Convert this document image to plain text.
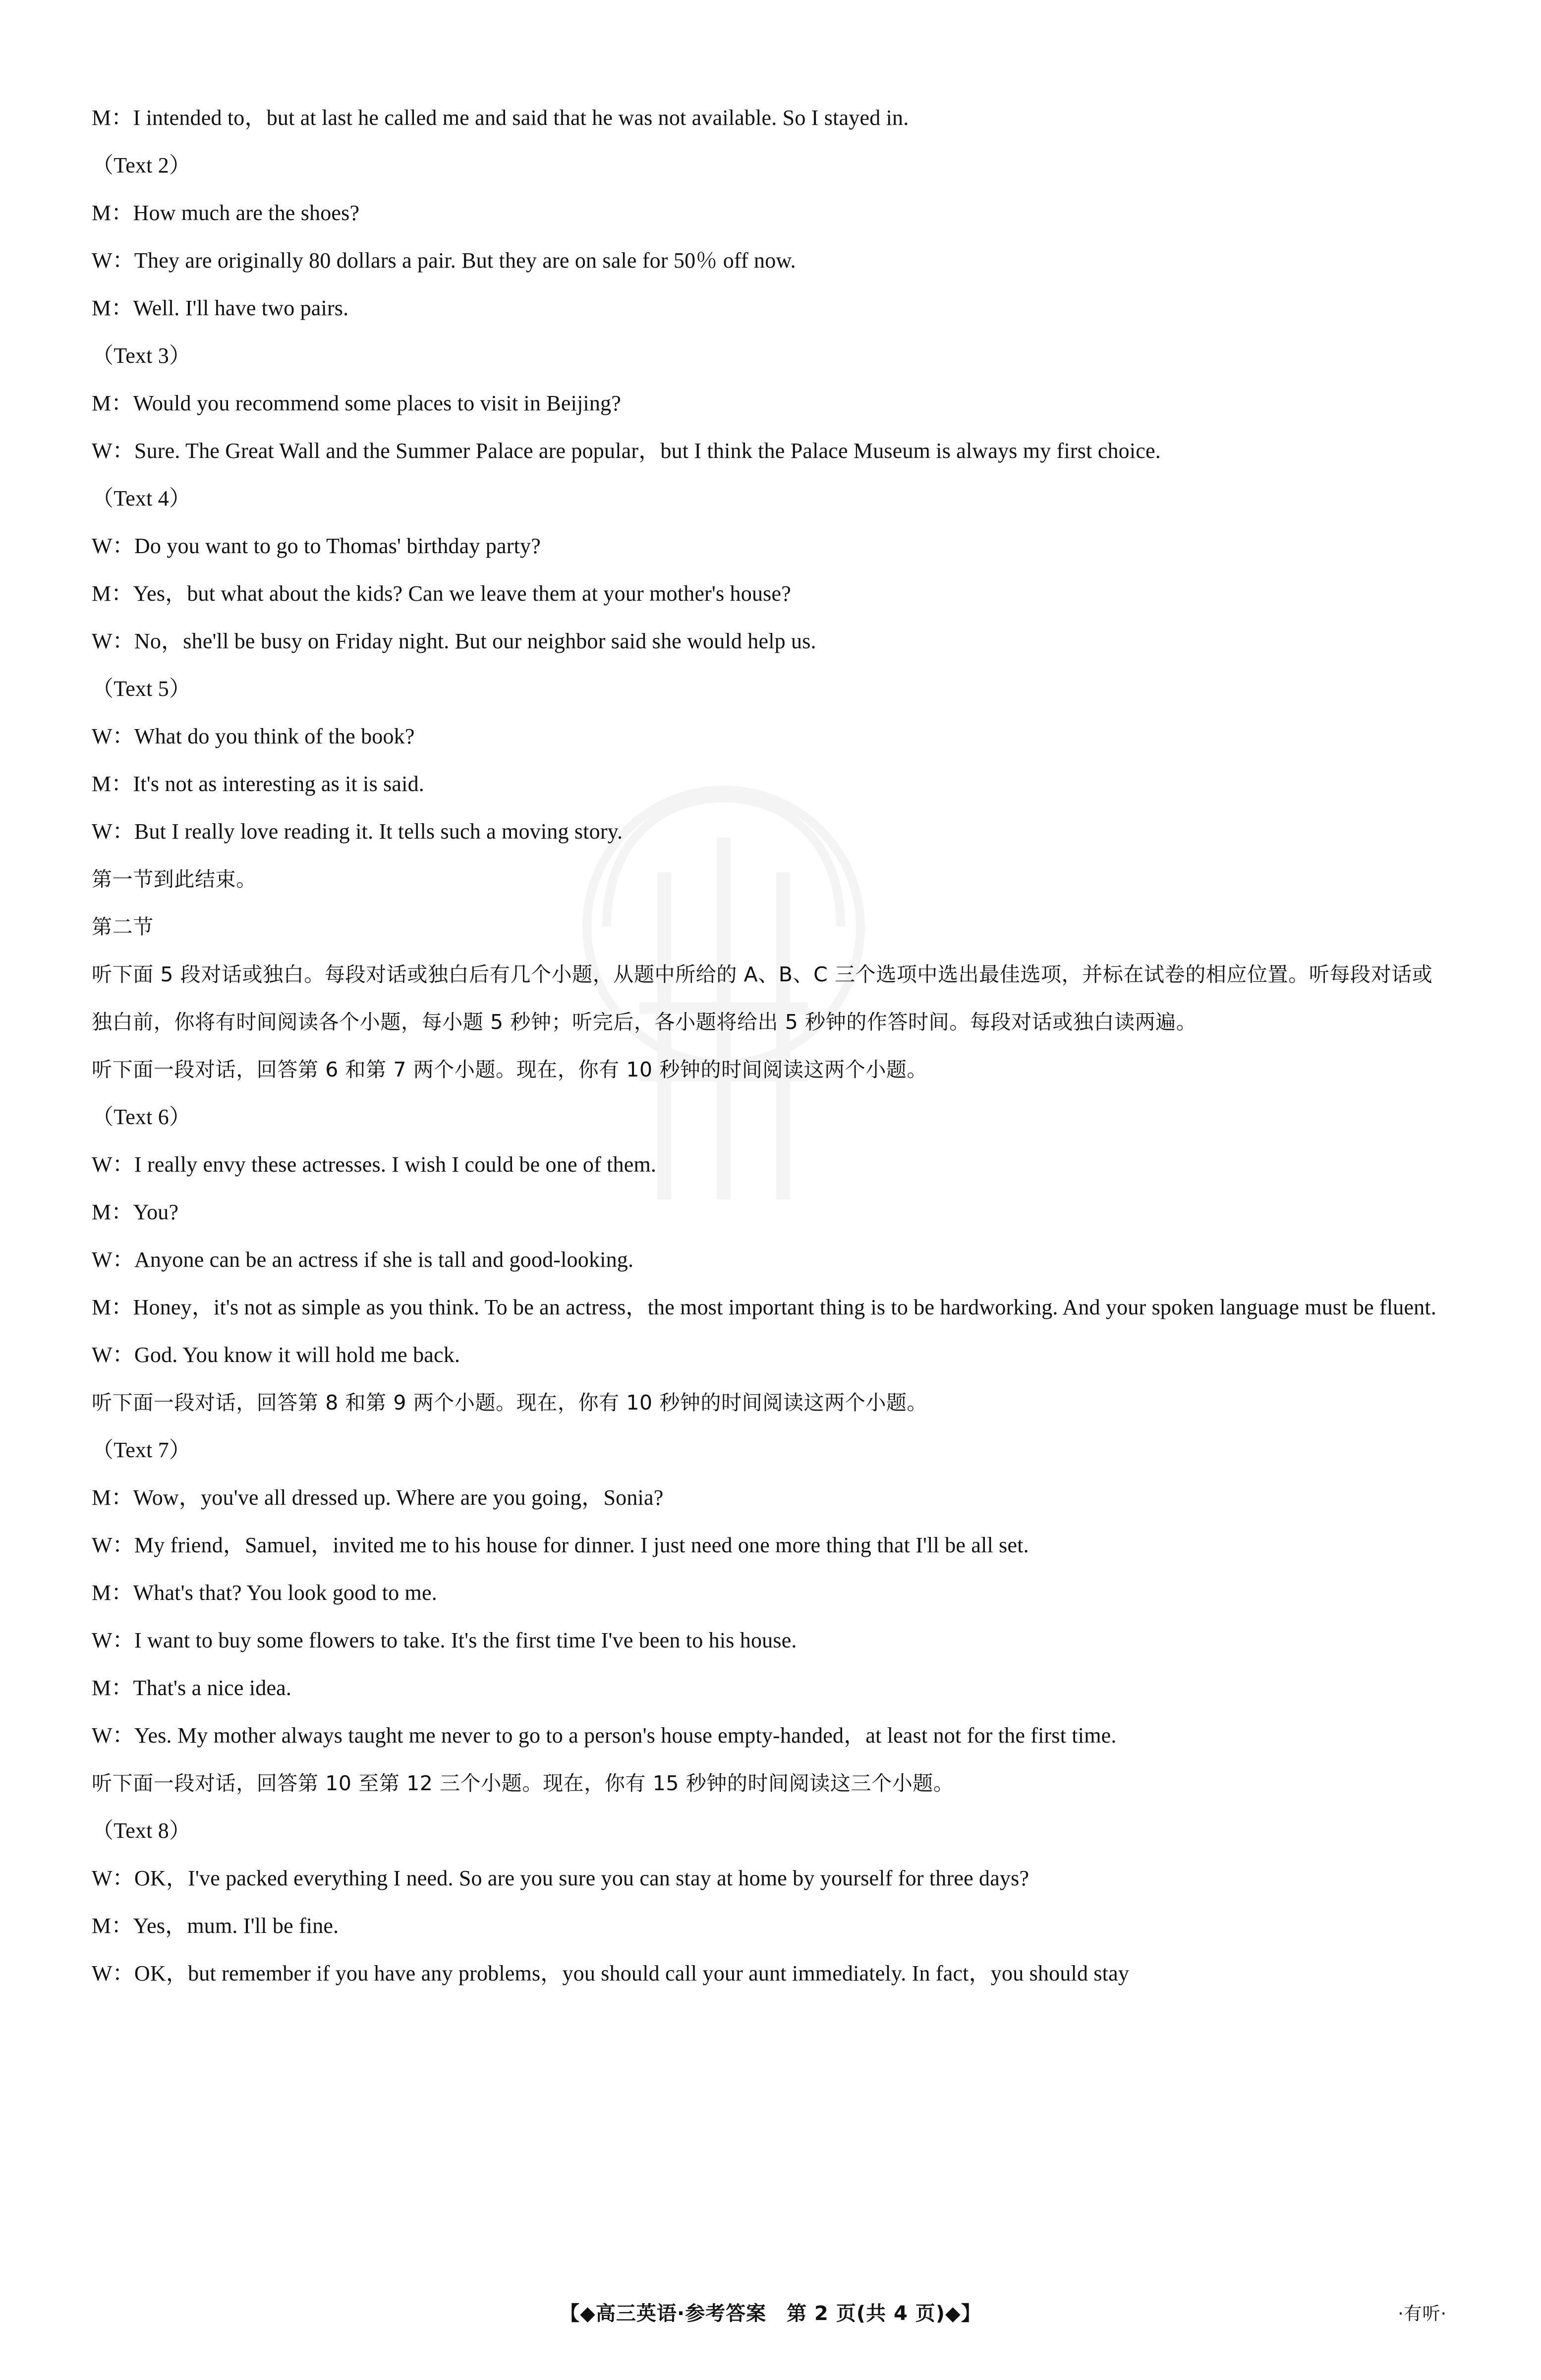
M：I intended to，but at last he called me and said that he was not available. So I stayed in.
（Text 2）
M：How much are the shoes?
W：They are originally 80 dollars a pair. But they are on sale for 50％ off now.
M：Well. I'll have two pairs.
（Text 3）
M：Would you recommend some places to visit in Beijing?
W：Sure. The Great Wall and the Summer Palace are popular，but I think the Palace Museum is always my first choice.
（Text 4）
W：Do you want to go to Thomas' birthday party?
M：Yes，but what about the kids? Can we leave them at your mother's house?
W：No，she'll be busy on Friday night. But our neighbor said she would help us.
（Text 5）
W：What do you think of the book?
M：It's not as interesting as it is said.
W：But I really love reading it. It tells such a moving story.
第一节到此结束。
第二节
听下面 5 段对话或独白。每段对话或独白后有几个小题，从题中所给的 A、B、C 三个选项中选出最佳选项，并标在试卷的相应位置。听每段对话或独白前，你将有时间阅读各个小题，每小题 5 秒钟；听完后，各小题将给出 5 秒钟的作答时间。每段对话或独白读两遍。
听下面一段对话，回答第 6 和第 7 两个小题。现在，你有 10 秒钟的时间阅读这两个小题。
（Text 6）
W：I really envy these actresses. I wish I could be one of them.
M：You?
W：Anyone can be an actress if she is tall and good-looking.
M：Honey，it's not as simple as you think. To be an actress，the most important thing is to be hardworking. And your spoken language must be fluent.
W：God. You know it will hold me back.
听下面一段对话，回答第 8 和第 9 两个小题。现在，你有 10 秒钟的时间阅读这两个小题。
（Text 7）
M：Wow，you've all dressed up. Where are you going，Sonia?
W：My friend，Samuel，invited me to his house for dinner. I just need one more thing that I'll be all set.
M：What's that? You look good to me.
W：I want to buy some flowers to take. It's the first time I've been to his house.
M：That's a nice idea.
W：Yes. My mother always taught me never to go to a person's house empty-handed，at least not for the first time.
听下面一段对话，回答第 10 至第 12 三个小题。现在，你有 15 秒钟的时间阅读这三个小题。
（Text 8）
W：OK，I've packed everything I need. So are you sure you can stay at home by yourself for three days?
M：Yes，mum. I'll be fine.
W：OK，but remember if you have any problems，you should call your aunt immediately. In fact，you should stay
【◆高三英语·参考答案　第 2 页(共 4 页)◆】	·有听·
